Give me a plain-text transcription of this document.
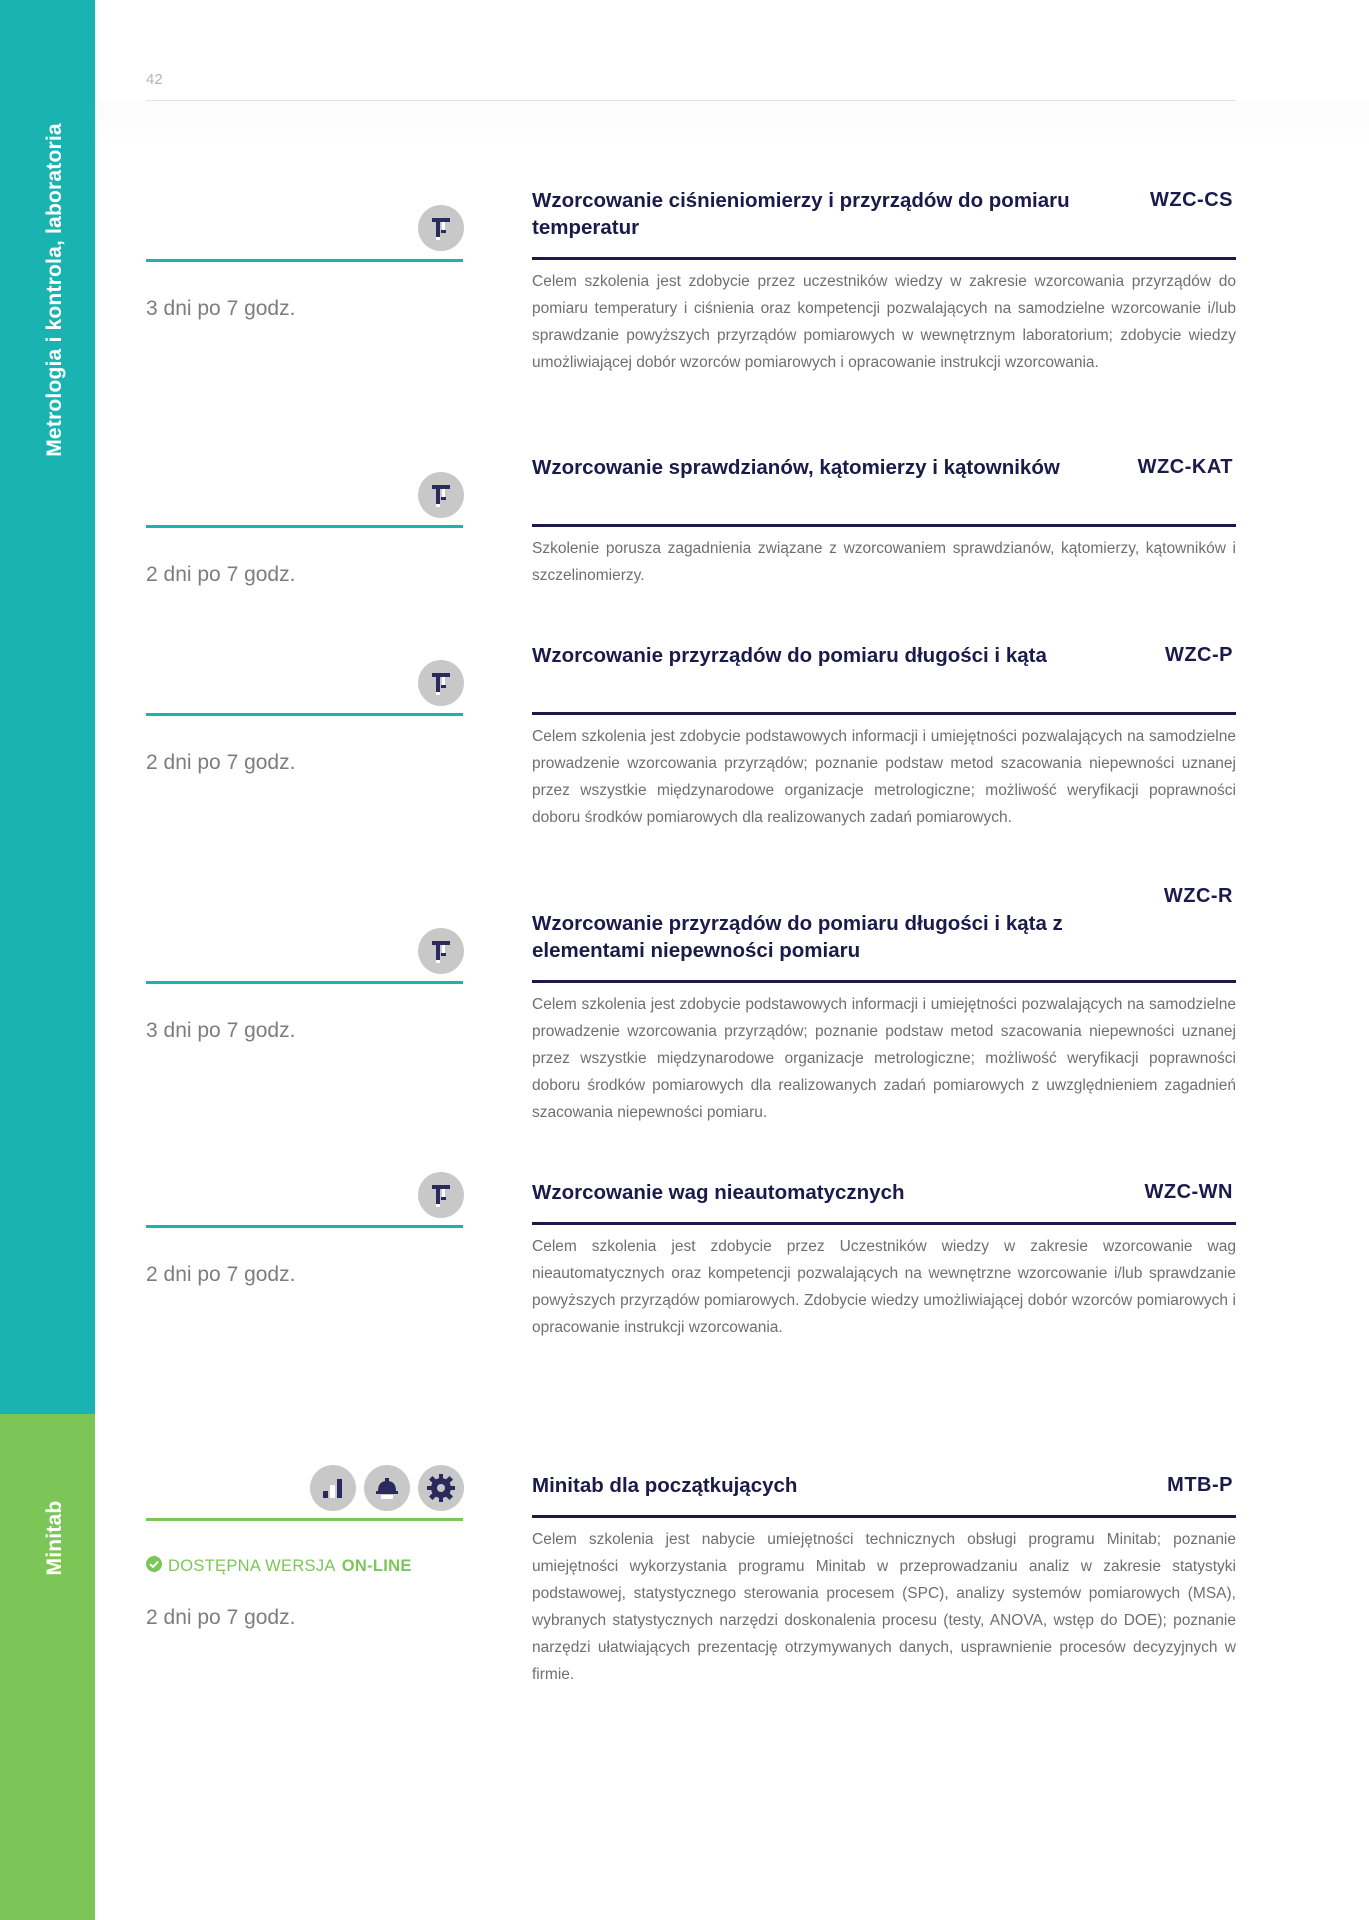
Metrologia i kontrola, laboratoria
Minitab
42
3 dni po 7 godz.
Wzorcowanie ciśnieniomierzy i przyrządów do pomiaru temperatur
WZC-CS
Celem szkolenia jest zdobycie przez uczestników wiedzy w zakresie wzorcowania przyrządów do pomiaru temperatury i ciśnienia oraz kompetencji pozwalających na samodzielne wzorcowanie i/lub sprawdzanie powyższych przyrządów pomiarowych w wewnętrznym laboratorium; zdobycie wiedzy umożliwiającej dobór wzorców pomiarowych i opracowanie instrukcji wzorcowania.
2 dni po 7 godz.
Wzorcowanie sprawdzianów, kątomierzy i kątowników	WZC-KAT
Szkolenie porusza zagadnienia związane z wzorcowaniem sprawdzianów, kątomierzy, kątowników i szczelinomierzy.
2 dni po 7 godz.
Wzorcowanie przyrządów do pomiaru długości i kąta	WZC-P
Celem szkolenia jest zdobycie podstawowych informacji i umiejętności pozwalających na samodzielne prowadzenie wzorcowania przyrządów; poznanie podstaw metod szacowania niepewności uznanej przez wszystkie międzynarodowe organizacje metrologiczne; możliwość weryfikacji poprawności doboru środków pomiarowych dla realizowanych zadań pomiarowych.
3 dni po 7 godz.
Wzorcowanie przyrządów do pomiaru długości i kąta z elementami niepewności pomiaru
WZC-R
Celem szkolenia jest zdobycie podstawowych informacji i umiejętności pozwalających na samodzielne prowadzenie wzorcowania przyrządów; poznanie podstaw metod szacowania niepewności uznanej przez wszystkie międzynarodowe organizacje metrologiczne; możliwość weryfikacji poprawności doboru środków pomiarowych dla realizowanych zadań pomiarowych z uwzględnieniem zagadnień szacowania niepewności pomiaru.
2 dni po 7 godz.
Wzorcowanie wag nieautomatycznych	WZC-WN
Celem szkolenia jest zdobycie przez Uczestników wiedzy w zakresie wzorcowanie wag nieautomatycznych oraz kompetencji pozwalających na wewnętrzne wzorcowanie i/lub sprawdzanie powyższych przyrządów pomiarowych. Zdobycie wiedzy umożliwiającej dobór wzorców pomiarowych i opracowanie instrukcji wzorcowania.
DOSTĘPNA WERSJA ON-LINE
2 dni po 7 godz.
Minitab dla początkujących	MTB-P
Celem szkolenia jest nabycie umiejętności technicznych obsługi programu Minitab; poznanie umiejętności wykorzystania programu Minitab w przeprowadzaniu analiz w zakresie statystyki podstawowej, statystycznego sterowania procesem (SPC), analizy systemów pomiarowych (MSA), wybranych statystycznych narzędzi doskonalenia procesu (testy, ANOVA, wstęp do DOE); poznanie narzędzi ułatwiających prezentację otrzymywanych danych, usprawnienie procesów decyzyjnych w firmie.
